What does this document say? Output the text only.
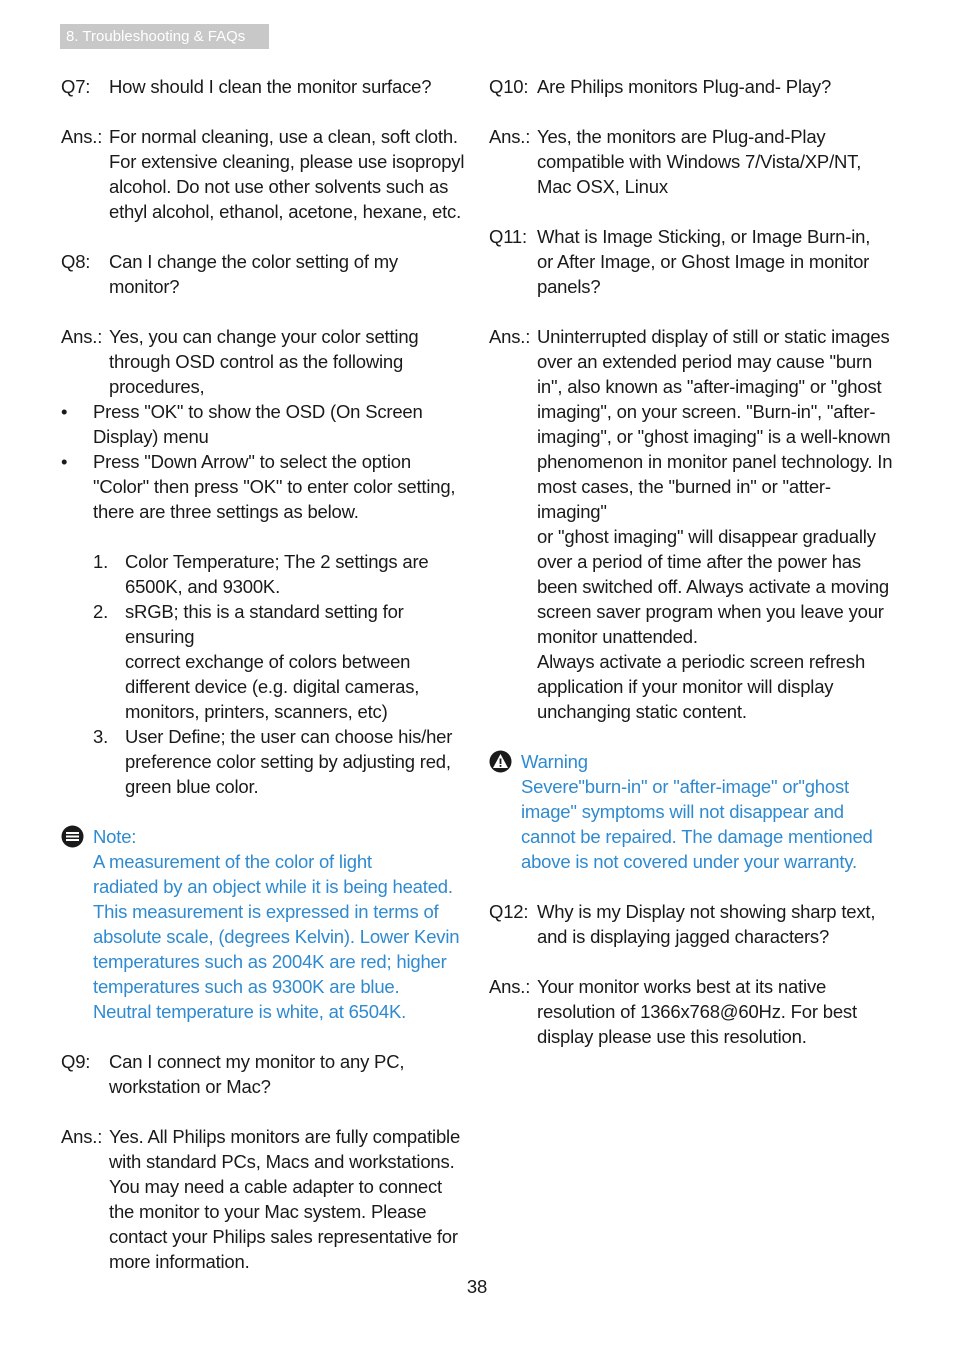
8. Troubleshooting & FAQs
Q7:	How should I clean the monitor surface?
Ans.: For normal cleaning, use a clean, soft cloth.
For extensive cleaning, please use isopropyl
alcohol. Do not use other solvents such as
ethyl alcohol, ethanol, acetone, hexane, etc.
Q8:	Can I change the color setting of my
monitor?
Ans.: Yes, you can change your color setting
through OSD control as the following
procedures,
•	Press "OK" to show the OSD (On Screen
Display) menu
•	Press "Down Arrow" to select the option
"Color" then press "OK" to enter color setting,
there are three settings as below.
1. Color Temperature; The 2 settings are
6500K, and 9300K.
2. sRGB; this is a standard setting for ensuring
correct exchange of colors between
different device (e.g. digital cameras,
monitors, printers, scanners, etc)
3. User Define; the user can choose his/her
preference color setting by adjusting red,
green blue color.
Note:
A measurement of the color of light
radiated by an object while it is being heated.
This measurement is expressed in terms of
absolute scale, (degrees Kelvin). Lower Kevin
temperatures such as 2004K are red; higher
temperatures such as 9300K are blue.
Neutral temperature is white, at 6504K.
Q9:	Can I connect my monitor to any PC,
workstation or Mac?
Ans.: Yes. All Philips monitors are fully compatible
with standard PCs, Macs and workstations.
You may need a cable adapter to connect
the monitor to your Mac system. Please
contact your Philips sales representative for
more information.
Q10: Are Philips monitors Plug-and- Play?
Ans.: Yes, the monitors are Plug-and-Play
compatible with Windows 7/Vista/XP/NT,
Mac OSX, Linux
Q11: What is Image Sticking, or Image Burn-in,
or After Image, or Ghost Image in monitor
panels?
Ans.: Uninterrupted display of still or static images
over an extended period may cause "burn
in", also known as "after-imaging" or "ghost
imaging", on your screen. "Burn-in", "after-
imaging", or "ghost imaging" is a well-known
phenomenon in monitor panel technology. In
most cases, the "burned in" or "atter-imaging"
or "ghost imaging" will disappear gradually
over a period of time after the power has
been switched off. Always activate a moving
screen saver program when you leave your
monitor unattended.
Always activate a periodic screen refresh
application if your monitor will display
unchanging static content.
Warning
Severe"burn-in" or "after-image" or"ghost
image" symptoms will not disappear and
cannot be repaired. The damage mentioned
above is not covered under your warranty.
Q12: Why is my Display not showing sharp text,
and is displaying jagged characters?
Ans.: Your monitor works best at its native
resolution of 1366x768@60Hz. For best
display please use this resolution.
38
